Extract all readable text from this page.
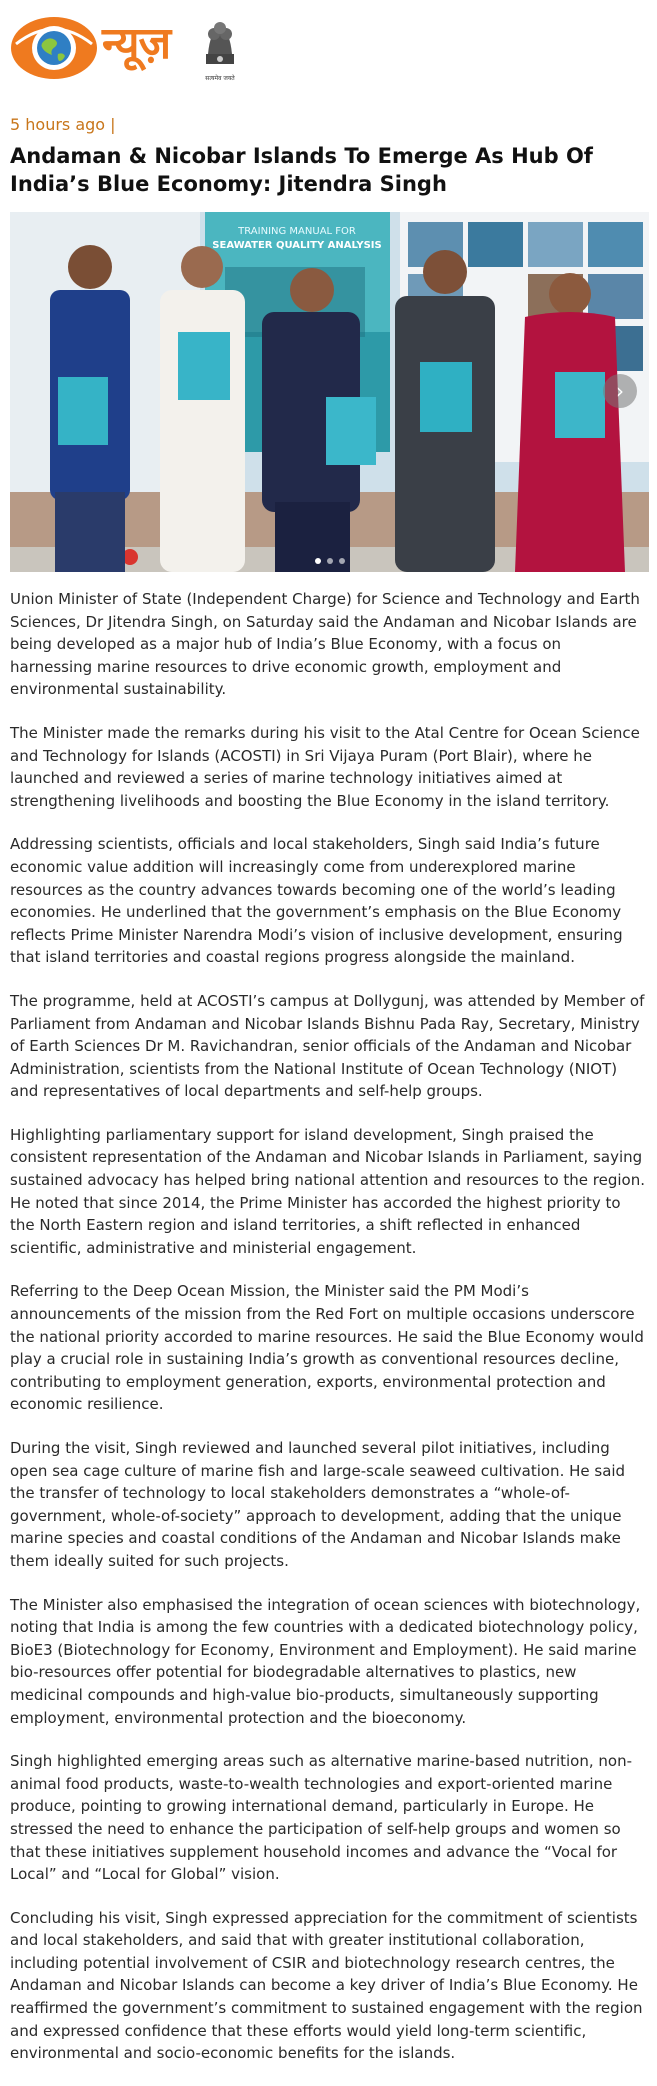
न्यूज़
सत्यमेव जयते
5 hours ago |
Andaman & Nicobar Islands To Emerge As Hub Of India’s Blue Economy: Jitendra Singh
TRAINING MANUAL FOR
SEAWATER QUALITY ANALYSIS
›

Union Minister of State (Independent Charge) for Science and Technology and Earth Sciences, Dr Jitendra Singh, on Saturday said the Andaman and Nicobar Islands are being developed as a major hub of India’s Blue Economy, with a focus on harnessing marine resources to drive economic growth, employment and environmental sustainability.

The Minister made the remarks during his visit to the Atal Centre for Ocean Science and Technology for Islands (ACOSTI) in Sri Vijaya Puram (Port Blair), where he launched and reviewed a series of marine technology initiatives aimed at strengthening livelihoods and boosting the Blue Economy in the island territory.

Addressing scientists, officials and local stakeholders, Singh said India’s future economic value addition will increasingly come from underexplored marine resources as the country advances towards becoming one of the world’s leading economies. He underlined that the government’s emphasis on the Blue Economy reflects Prime Minister Narendra Modi’s vision of inclusive development, ensuring that island territories and coastal regions progress alongside the mainland.

The programme, held at ACOSTI’s campus at Dollygunj, was attended by Member of Parliament from Andaman and Nicobar Islands Bishnu Pada Ray, Secretary, Ministry of Earth Sciences Dr M. Ravichandran, senior officials of the Andaman and Nicobar Administration, scientists from the National Institute of Ocean Technology (NIOT) and representatives of local departments and self-help groups.

Highlighting parliamentary support for island development, Singh praised the consistent representation of the Andaman and Nicobar Islands in Parliament, saying sustained advocacy has helped bring national attention and resources to the region. He noted that since 2014, the Prime Minister has accorded the highest priority to the North Eastern region and island territories, a shift reflected in enhanced scientific, administrative and ministerial engagement.

Referring to the Deep Ocean Mission, the Minister said the PM Modi’s announcements of the mission from the Red Fort on multiple occasions underscore the national priority accorded to marine resources. He said the Blue Economy would play a crucial role in sustaining India’s growth as conventional resources decline, contributing to employment generation, exports, environmental protection and economic resilience.

During the visit, Singh reviewed and launched several pilot initiatives, including open sea cage culture of marine fish and large-scale seaweed cultivation. He said the transfer of technology to local stakeholders demonstrates a “whole-of-government, whole-of-society” approach to development, adding that the unique marine species and coastal conditions of the Andaman and Nicobar Islands make them ideally suited for such projects.

The Minister also emphasised the integration of ocean sciences with biotechnology, noting that India is among the few countries with a dedicated biotechnology policy, BioE3 (Biotechnology for Economy, Environment and Employment). He said marine bio-resources offer potential for biodegradable alternatives to plastics, new medicinal compounds and high-value bio-products, simultaneously supporting employment, environmental protection and the bioeconomy.

Singh highlighted emerging areas such as alternative marine-based nutrition, non-animal food products, waste-to-wealth technologies and export-oriented marine produce, pointing to growing international demand, particularly in Europe. He stressed the need to enhance the participation of self-help groups and women so that these initiatives supplement household incomes and advance the “Vocal for Local” and “Local for Global” vision.

Concluding his visit, Singh expressed appreciation for the commitment of scientists and local stakeholders, and said that with greater institutional collaboration, including potential involvement of CSIR and biotechnology research centres, the Andaman and Nicobar Islands can become a key driver of India’s Blue Economy. He reaffirmed the government’s commitment to sustained engagement with the region and expressed confidence that these efforts would yield long-term scientific, environmental and socio-economic benefits for the islands.
